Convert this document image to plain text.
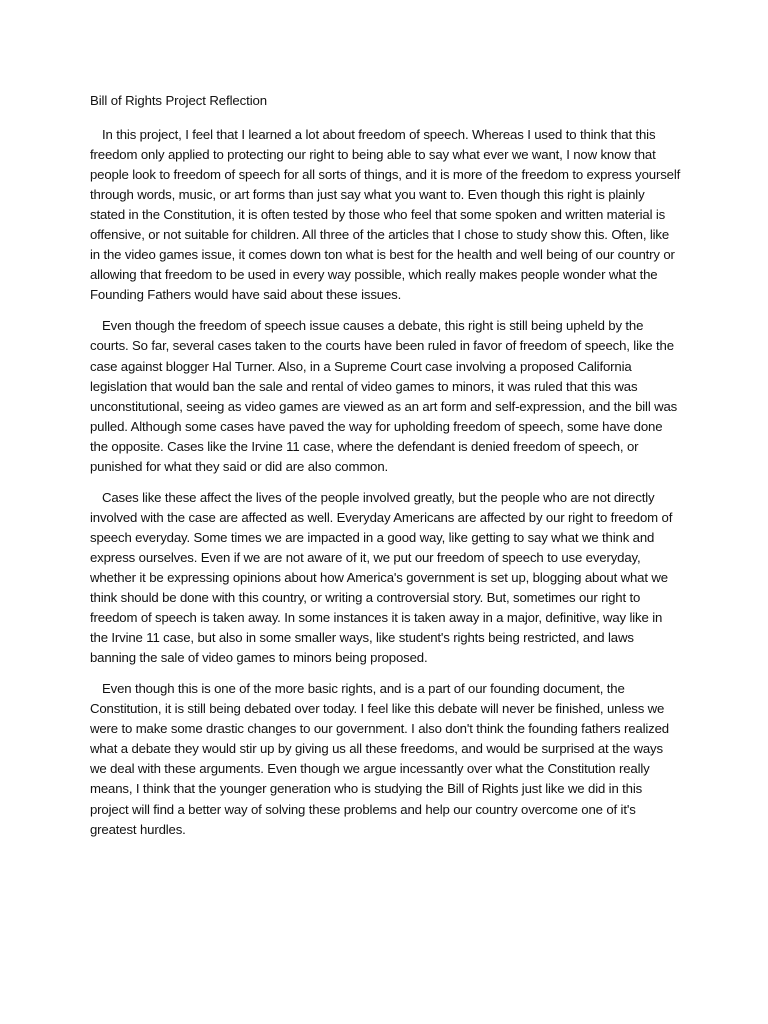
Bill of Rights Project Reflection

In this project, I feel that I learned a lot about freedom of speech. Whereas I used to think that this freedom only applied to protecting our right to being able to say what ever we want, I now know that people look to freedom of speech for all sorts of things, and it is more of the freedom to express yourself through words, music, or art forms than just say what you want to. Even though this right is plainly stated in the Constitution, it is often tested by those who feel that some spoken and written material is offensive, or not suitable for children. All three of the articles that I chose to study show this. Often, like in the video games issue, it comes down ton what is best for the health and well being of our country or allowing that freedom to be used in every way possible, which really makes people wonder what the Founding Fathers would have said about these issues.

Even though the freedom of speech issue causes a debate, this right is still being upheld by the courts. So far, several cases taken to the courts have been ruled in favor of freedom of speech, like the case against blogger Hal Turner. Also, in a Supreme Court case involving a proposed California legislation that would ban the sale and rental of video games to minors, it was ruled that this was unconstitutional, seeing as video games are viewed as an art form and self-expression, and the bill was pulled. Although some cases have paved the way for upholding freedom of speech, some have done the opposite. Cases like the Irvine 11 case, where the defendant is denied freedom of speech, or punished for what they said or did are also common.

Cases like these affect the lives of the people involved greatly, but the people who are not directly involved with the case are affected as well. Everyday Americans are affected by our right to freedom of speech everyday. Some times we are impacted in a good way, like getting to say what we think and express ourselves. Even if we are not aware of it, we put our freedom of speech to use everyday, whether it be expressing opinions about how America's government is set up, blogging about what we think should be done with this country, or writing a controversial story. But, sometimes our right to freedom of speech is taken away. In some instances it is taken away in a major, definitive, way like in the Irvine 11 case, but also in some smaller ways, like student's rights being restricted, and laws banning the sale of video games to minors being proposed.

Even though this is one of the more basic rights, and is a part of our founding document, the Constitution, it is still being debated over today. I feel like this debate will never be finished, unless we were to make some drastic changes to our government. I also don't think the founding fathers realized what a debate they would stir up by giving us all these freedoms, and would be surprised at the ways we deal with these arguments. Even though we argue incessantly over what the Constitution really means, I think that the younger generation who is studying the Bill of Rights just like we did in this project will find a better way of solving these problems and help our country overcome one of it's greatest hurdles.
